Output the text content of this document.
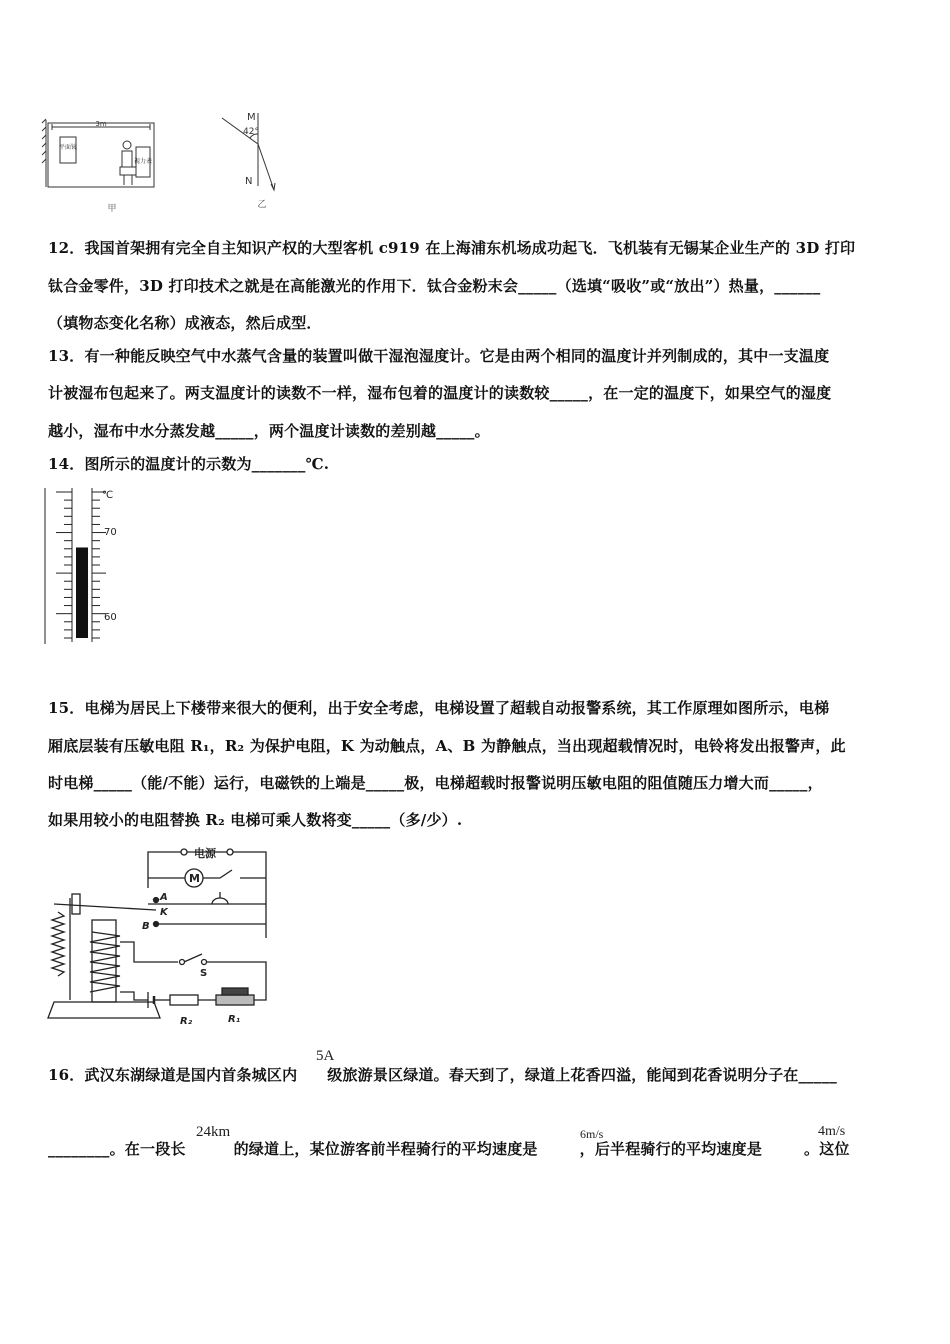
3m
平面镜
视力表
甲
M
42°
N
乙
12．我国首架拥有完全自主知识产权的大型客机 c919 在上海浦东机场成功起飞．飞机装有无锡某企业生产的 3D 打印
钛合金零件，3D 打印技术之就是在高能激光的作用下．钛合金粉末会_____（选填“吸收”或“放出”）热量，______
（填物态变化名称）成液态，然后成型．
13．有一种能反映空气中水蒸气含量的装置叫做干湿泡湿度计。它是由两个相同的温度计并列制成的，其中一支温度
计被湿布包起来了。两支温度计的读数不一样，湿布包着的温度计的读数较_____，在一定的温度下，如果空气的湿度
越小，湿布中水分蒸发越_____，两个温度计读数的差别越_____。
14．图所示的温度计的示数为_______℃.
℃
70
60
15．电梯为居民上下楼带来很大的便利，出于安全考虑，电梯设置了超载自动报警系统，其工作原理如图所示，电梯
厢底层装有压敏电阻 R₁，R₂ 为保护电阻，K 为动触点，A、B 为静触点，当出现超载情况时，电铃将发出报警声，此
时电梯_____（能/不能）运行，电磁铁的上端是_____极，电梯超载时报警说明压敏电阻的阻值随压力增大而_____，
如果用较小的电阻替换 R₂ 电梯可乘人数将变_____（多/少）.
电源
M
A
K
B
S
R₂	R₁
16．武汉东湖绿道是国内首条城区内 级旅游景区绿道。春天到了，绿道上花香四溢，能闻到花香说明分子在_____
5A
________。在一段长	的绿道上，某位游客前半程骑行的平均速度是	，后半程骑行的平均速度是	。这位
24km	6m/s	4m/s
